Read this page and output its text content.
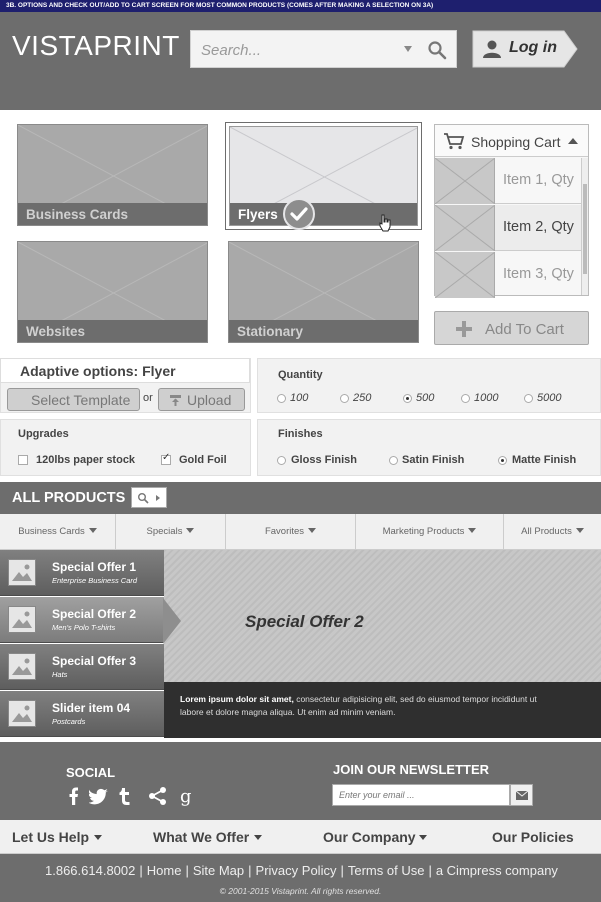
3B. OPTIONS AND CHECK OUT/ADD TO CART SCREEN FOR MOST COMMON PRODUCTS (COMES AFTER MAKING A SELECTION ON 3A)
VISTAPRINT
Search...	Log in
Business Cards	Flyers
Websites	Stationary
Shopping Cart
Item 1, Qty
Item 2, Qty
Item 3, Qty
Add To Cart
Adaptive options: Flyer
Select Template or Upload
Quantity
100	250	500	1000	5000
Upgrades
120lbs paper stock
✓	Gold Foil
Finishes
Gloss Finish	Satin Finish	Matte Finish
ALL PRODUCTS
Business Cards	Specials	Favorites	Marketing Products	All Products
Special Offer 1
Enterprise Business Card
Special Offer 2
Men's Polo T-shirts
Special Offer 3
Hats
Slider item 04
Postcards
Special Offer 2

Lorem ipsum dolor sit amet, consectetur adipisicing elit, sed do eiusmod tempor incididunt ut labore et dolore magna aliqua. Ut enim ad minim veniam.

SOCIAL
g
JOIN OUR NEWSLETTER
Enter your email ...
Let Us Help	What We Offer	Our Company	Our Policies
1.866.614.8002 | Home | Site Map | Privacy Policy | Terms of Use | a Cimpress company
© 2001-2015 Vistaprint. All rights reserved.
